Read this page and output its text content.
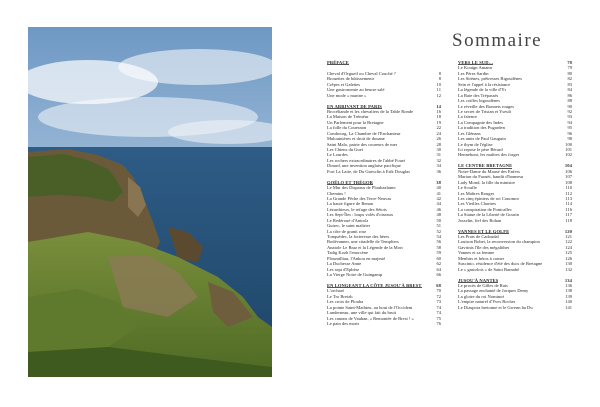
Sommaire
PRÉFACE
Cheval d'Orgueil ou Cheval Couché ?	8
Brouettes de bûtissements	8
Crêpes et Galettes	10
Une gastronomie au beurre salé	11
Une mode « marine »	12
EN ARRIVANT DE PARIS	14
Brocéliande et les chevaliers de la Table Ronde	16
La Maison de Tréméur	18
Un Parlement pour la Bretagne	19
La folle du Couesnon	22
Combourg, La Chambre de l'Enchanteur	24
Malouinières et droit de douane	26
Saint Malo, patrie des coureurs de mer	28
Les Chiens du Guet	30
Le Lourdes	31
Les rochers extraordinaires de l'abbé Fouré	32
Dinard, une invention anglaise pacifique	34
Fort La Latte, de Du Guesclin à Erik Douglas	36
GOËLO ET TRÉGOR	38
Le Mur des Disparus de Ploubazlanec	40
Chemins !	41
La Grande Pêche des Terre-Neuvas	42
La haute figure de Renan	44
Lézardrieux, le refuge des Sétois	46
Les Sept-Îles : loups volés d'oiseaux	48
Le Redéroué d'Antrola	50
Guirec, le saint maîtrier	51
La côte de granit rose	52
Tonquédec, la forteresse des hères	54
Bodévanner, une citadelle de Templiers	56
Anatole Le Braz et la Légende de la Mort	58
Tadig Kozh l'enorcène	59
Ploumilliau, l'Ankou en majesté	60
La Duchesse Anne	62
Les sept d'Ephèse	64
La Vierge Noire de Guingamp	66
EN LONGEANT LA CÔTE JUSQU'À BREST	68
L'orchard	70
Le Tro Breizh	72
Les croix de Plouha	73
La pointe Saint-Mathieu, au bout de l'Occident	74
Landerneau, une ville qui fait du bruit	74
Les canons de Vauban, « Remontée de Brest ! »	75
Le pain des morts	76
VERS LE SUD…	78
Le Kouign Amann	79
Les Pères Sardin	80
Les Sirènes, prêtresses Bigoudènes	82
Sein et l'appel à la résistance	83
La légende de la ville d'Ys	84
La Baie des Trépassés	86
Les coiffes bigoudènes	88
Le réveille des Bonnets rouges	90
Le secret de Tristan et Yseult	92
La faïence	93
La Compagnie des Indes	94
La tradition des Pugarden	95
Les Glénans	96
Les amis de Paul Gauguin	98
Le thym de l'église	100
Ici repose le père Bérard	101
Hennebont, les maîtres des forges	102
LE CENTRE BRETAGNE	104
Notre-Dame du Mausé des Enfers	106
Marion du Faouët, bandit d'honneur	107
Lady Mond, la fille du ministre	108
Le Scrafle	110
Les Maîtres Rouges	112
Les cinq épiniers de roi Conomor	113
Les Vieilles Chartres	114
La conspiration de Pontcallec	116
La Statue de la Liberté de Gourin	117
Josselin, fief des Rohan	118
VANNES ET LE GOLFE	120
Les Prats de Cadoudal	121
Louison Bobet, la reconversion du champion	122
Gavrinis l'île des mégalithes	124
Vannes et sa femme	125
Menhirs et héros à comes	126
Suscinio, résidence d'été des ducs de Bretagne	130
Le « gastolois » de Saint Barnabé	132
JUSQU'À NANTES	134
Le procès de Gilles de Rais	136
La passage enchanté de Jacques Demy	138
La gloire du roi Nominoë	139
L'empire naturel d'Yves Rocher	140
Le Diaspora bretonne et le Gwenn ha Du	141
